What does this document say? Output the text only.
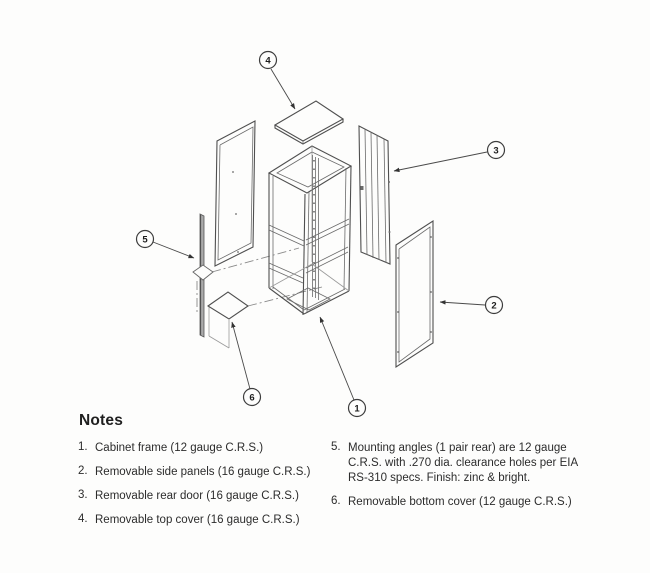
1
2
3
4
5
6
Notes
1. Cabinet frame (12 gauge C.R.S.)
2. Removable side panels (16 gauge C.R.S.)
3. Removable rear door (16 gauge C.R.S.)
4. Removable top cover (16 gauge C.R.S.)
5. Mounting angles (1 pair rear) are 12 gauge C.R.S. with .270 dia. clearance holes per EIA RS-310 specs. Finish: zinc & bright.
6. Removable bottom cover (12 gauge C.R.S.)
